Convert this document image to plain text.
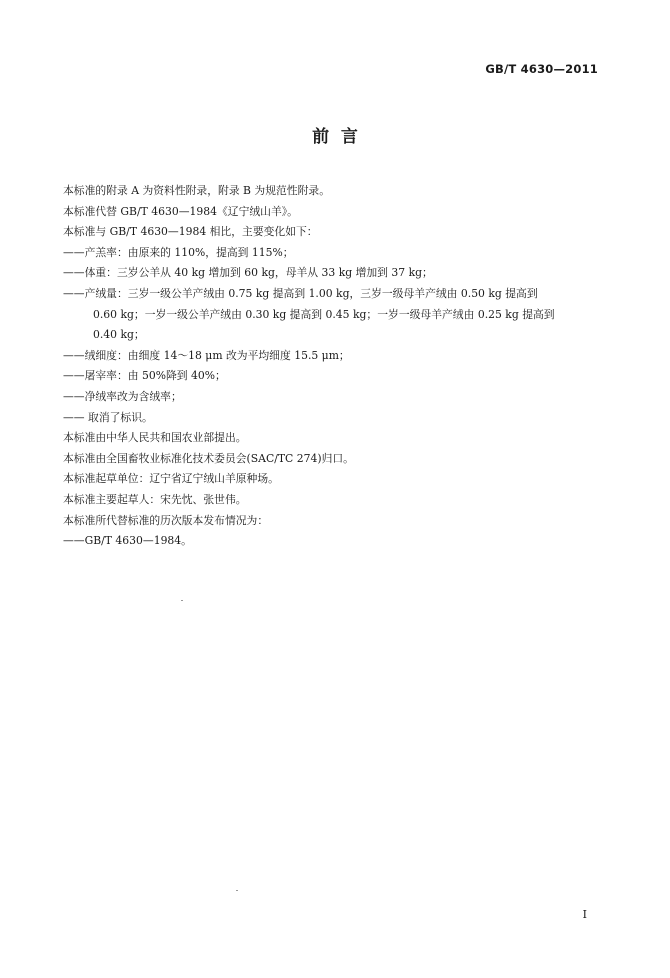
GB/T 4630—2011
前  言
本标准的附录 A 为资料性附录，附录 B 为规范性附录。
本标准代替 GB/T 4630—1984《辽宁绒山羊》。
本标准与 GB/T 4630—1984 相比，主要变化如下：
——产羔率：由原来的 110%，提高到 115%；
——体重：三岁公羊从 40 kg 增加到 60 kg，母羊从 33 kg 增加到 37 kg；
——产绒量：三岁一级公羊产绒由 0.75 kg 提高到 1.00 kg，三岁一级母羊产绒由 0.50 kg 提高到
0.60 kg；一岁一级公羊产绒由 0.30 kg 提高到 0.45 kg；一岁一级母羊产绒由 0.25 kg 提高到
0.40 kg；
——绒细度：由细度 14～18 μm 改为平均细度 15.5 μm；
——屠宰率：由 50%降到 40%；
——净绒率改为含绒率；
—— 取消了标识。
本标准由中华人民共和国农业部提出。
本标准由全国畜牧业标准化技术委员会(SAC/TC 274)归口。
本标准起草单位：辽宁省辽宁绒山羊原种场。
本标准主要起草人：宋先忱、张世伟。
本标准所代替标准的历次版本发布情况为：
——GB/T 4630—1984。
I
